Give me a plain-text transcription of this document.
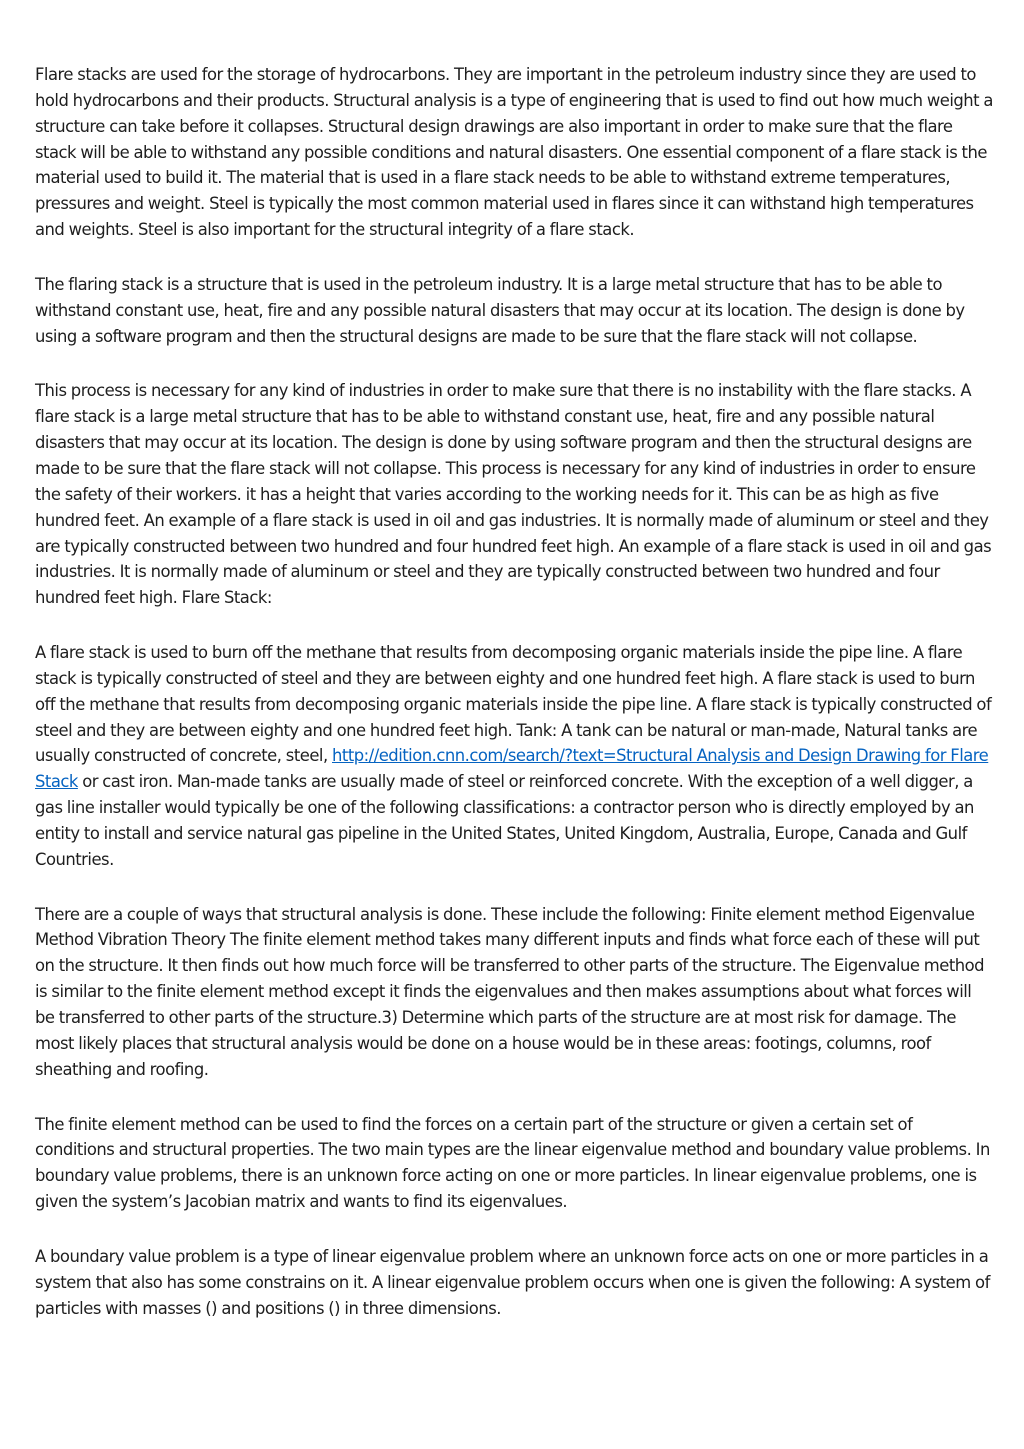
Flare stacks are used for the storage of hydrocarbons. They are important in the petroleum industry since they are used to hold hydrocarbons and their products. Structural analysis is a type of engineering that is used to find out how much weight a structure can take before it collapses. Structural design drawings are also important in order to make sure that the flare stack will be able to withstand any possible conditions and natural disasters. One essential component of a flare stack is the material used to build it. The material that is used in a flare stack needs to be able to withstand extreme temperatures, pressures and weight. Steel is typically the most common material used in flares since it can withstand high temperatures and weights. Steel is also important for the structural integrity of a flare stack.

The flaring stack is a structure that is used in the petroleum industry. It is a large metal structure that has to be able to withstand constant use, heat, fire and any possible natural disasters that may occur at its location. The design is done by using a software program and then the structural designs are made to be sure that the flare stack will not collapse.

This process is necessary for any kind of industries in order to make sure that there is no instability with the flare stacks. A flare stack is a large metal structure that has to be able to withstand constant use, heat, fire and any possible natural disasters that may occur at its location. The design is done by using software program and then the structural designs are made to be sure that the flare stack will not collapse. This process is necessary for any kind of industries in order to ensure the safety of their workers. it has a height that varies according to the working needs for it. This can be as high as five hundred feet. An example of a flare stack is used in oil and gas industries. It is normally made of aluminum or steel and they are typically constructed between two hundred and four hundred feet high. An example of a flare stack is used in oil and gas industries. It is normally made of aluminum or steel and they are typically constructed between two hundred and four hundred feet high. Flare Stack:

A flare stack is used to burn off the methane that results from decomposing organic materials inside the pipe line. A flare stack is typically constructed of steel and they are between eighty and one hundred feet high. A flare stack is used to burn off the methane that results from decomposing organic materials inside the pipe line. A flare stack is typically constructed of steel and they are between eighty and one hundred feet high. Tank: A tank can be natural or man-made, Natural tanks are usually constructed of concrete, steel, http://edition.cnn.com/search/?text=Structural Analysis and Design Drawing for Flare Stack or cast iron. Man-made tanks are usually made of steel or reinforced concrete. With the exception of a well digger, a gas line installer would typically be one of the following classifications: a contractor person who is directly employed by an entity to install and service natural gas pipeline in the United States, United Kingdom, Australia, Europe, Canada and Gulf Countries.

There are a couple of ways that structural analysis is done. These include the following: Finite element method Eigenvalue Method Vibration Theory The finite element method takes many different inputs and finds what force each of these will put on the structure. It then finds out how much force will be transferred to other parts of the structure. The Eigenvalue method is similar to the finite element method except it finds the eigenvalues and then makes assumptions about what forces will be transferred to other parts of the structure.3) Determine which parts of the structure are at most risk for damage. The most likely places that structural analysis would be done on a house would be in these areas: footings, columns, roof sheathing and roofing.

The finite element method can be used to find the forces on a certain part of the structure or given a certain set of conditions and structural properties. The two main types are the linear eigenvalue method and boundary value problems. In boundary value problems, there is an unknown force acting on one or more particles. In linear eigenvalue problems, one is given the system’s Jacobian matrix and wants to find its eigenvalues.

A boundary value problem is a type of linear eigenvalue problem where an unknown force acts on one or more particles in a system that also has some constrains on it. A linear eigenvalue problem occurs when one is given the following: A system of particles with masses () and positions () in three dimensions.
